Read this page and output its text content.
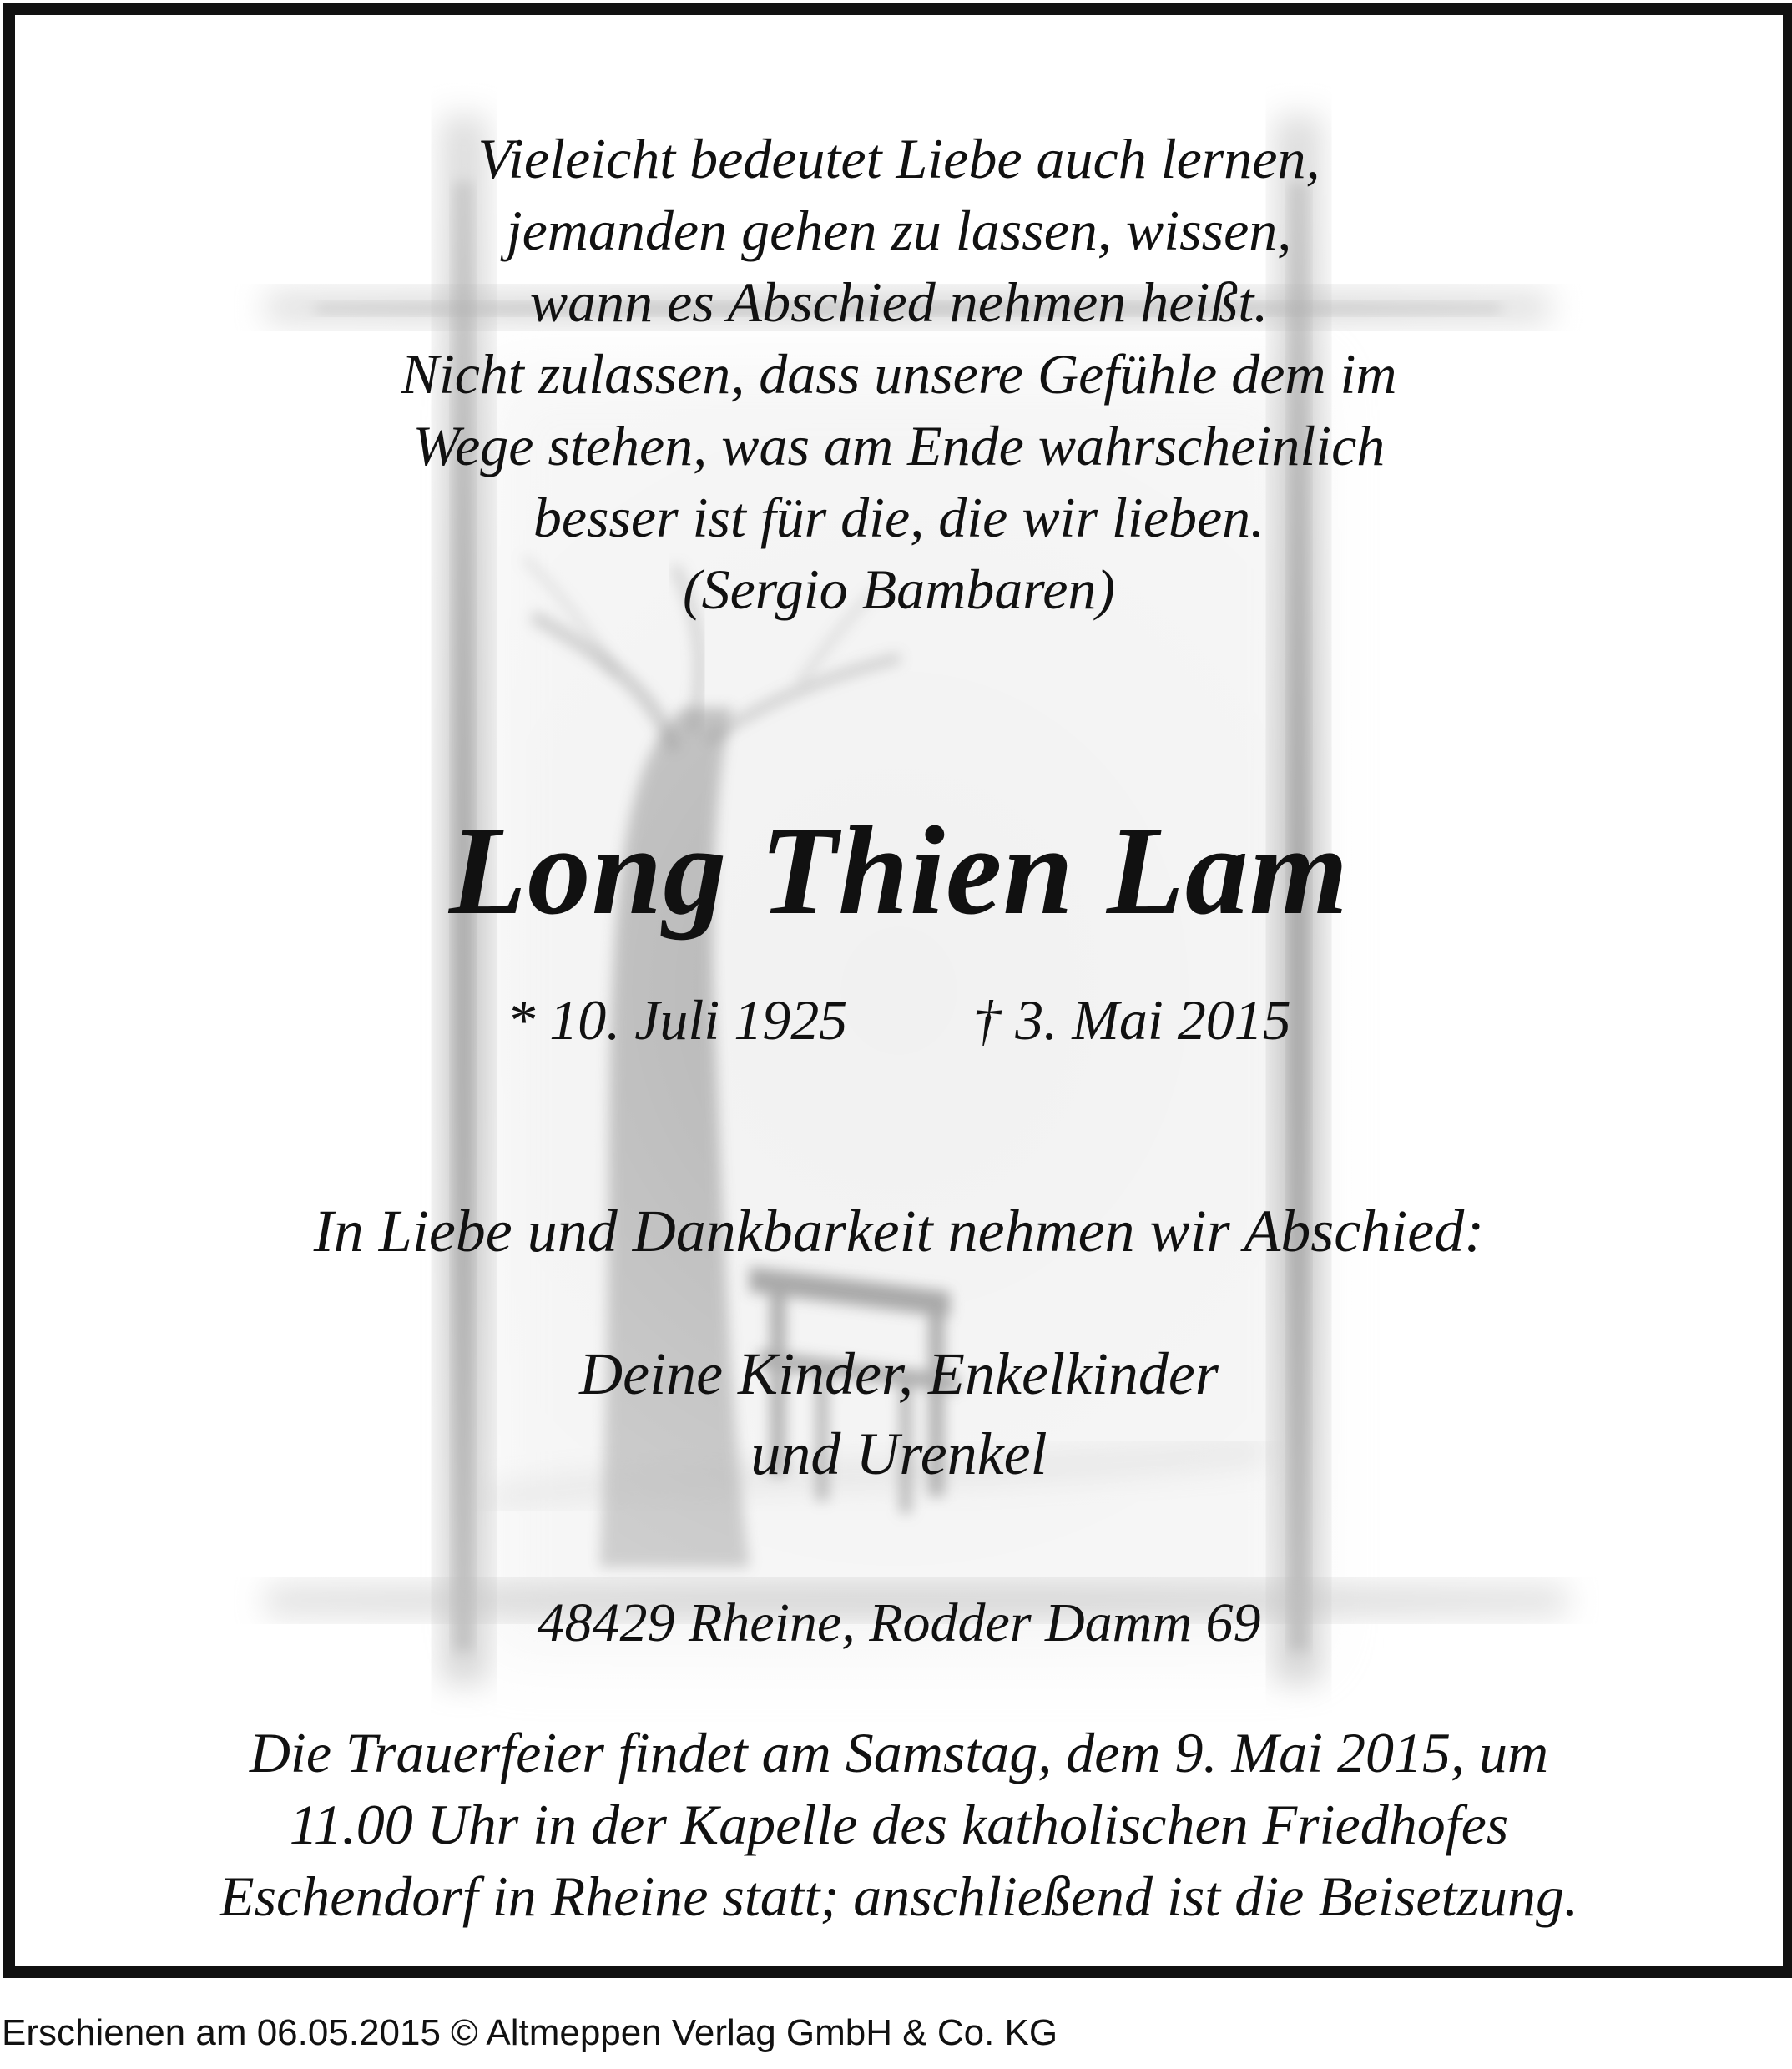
Vieleicht bedeutet Liebe auch lernen,
jemanden gehen zu lassen, wissen,
wann es Abschied nehmen heißt.
Nicht zulassen, dass unsere Gefühle dem im
Wege stehen, was am Ende wahrscheinlich
besser ist für die, die wir lieben.
(Sergio Bambaren)
Long Thien Lam
* 10. Juli 1925 † 3. Mai 2015
In Liebe und Dankbarkeit nehmen wir Abschied:
Deine Kinder, Enkelkinder
und Urenkel
48429 Rheine, Rodder Damm 69
Die Trauerfeier findet am Samstag, dem 9. Mai 2015, um
11.00 Uhr in der Kapelle des katholischen Friedhofes
Eschendorf in Rheine statt; anschließend ist die Beisetzung.
Erschienen am 06.05.2015 © Altmeppen Verlag GmbH & Co. KG
